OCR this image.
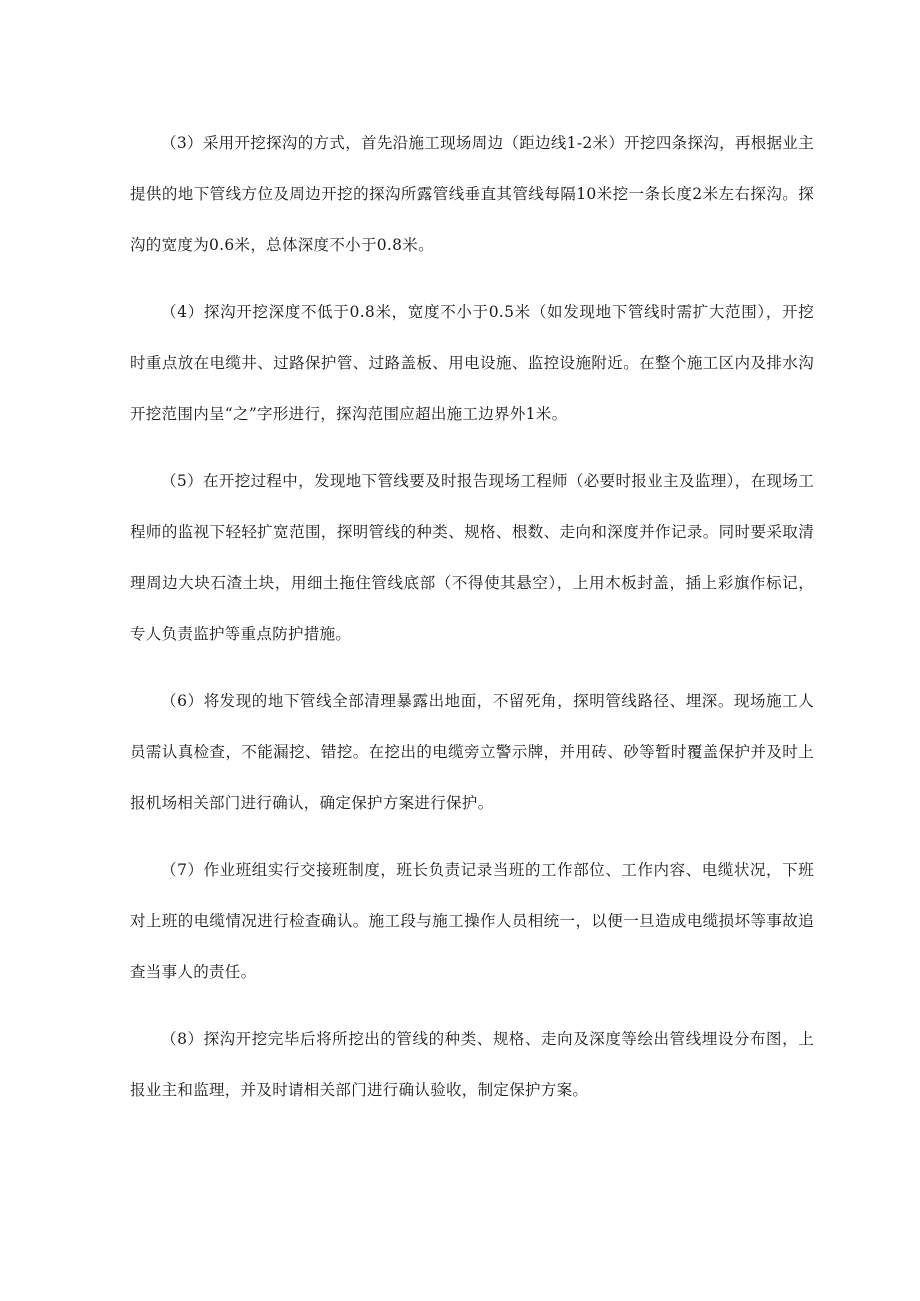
（3）采用开挖探沟的方式，首先沿施工现场周边（距边线1-2米）开挖四条探沟，再根据业主提供的地下管线方位及周边开挖的探沟所露管线垂直其管线每隔10米挖一条长度2米左右探沟。探沟的宽度为0.6米，总体深度不小于0.8米。

（4）探沟开挖深度不低于0.8米，宽度不小于0.5米（如发现地下管线时需扩大范围），开挖时重点放在电缆井、过路保护管、过路盖板、用电设施、监控设施附近。在整个施工区内及排水沟开挖范围内呈“之”字形进行，探沟范围应超出施工边界外1米。

（5）在开挖过程中，发现地下管线要及时报告现场工程师（必要时报业主及监理），在现场工程师的监视下轻轻扩宽范围，探明管线的种类、规格、根数、走向和深度并作记录。同时要采取清理周边大块石渣土块，用细土拖住管线底部（不得使其悬空），上用木板封盖，插上彩旗作标记，专人负责监护等重点防护措施。

（6）将发现的地下管线全部清理暴露出地面，不留死角，探明管线路径、埋深。现场施工人员需认真检查，不能漏挖、错挖。在挖出的电缆旁立警示牌，并用砖、砂等暂时覆盖保护并及时上报机场相关部门进行确认，确定保护方案进行保护。

（7）作业班组实行交接班制度，班长负责记录当班的工作部位、工作内容、电缆状况，下班对上班的电缆情况进行检查确认。施工段与施工操作人员相统一，以便一旦造成电缆损坏等事故追查当事人的责任。

（8）探沟开挖完毕后将所挖出的管线的种类、规格、走向及深度等绘出管线埋设分布图，上报业主和监理，并及时请相关部门进行确认验收，制定保护方案。
